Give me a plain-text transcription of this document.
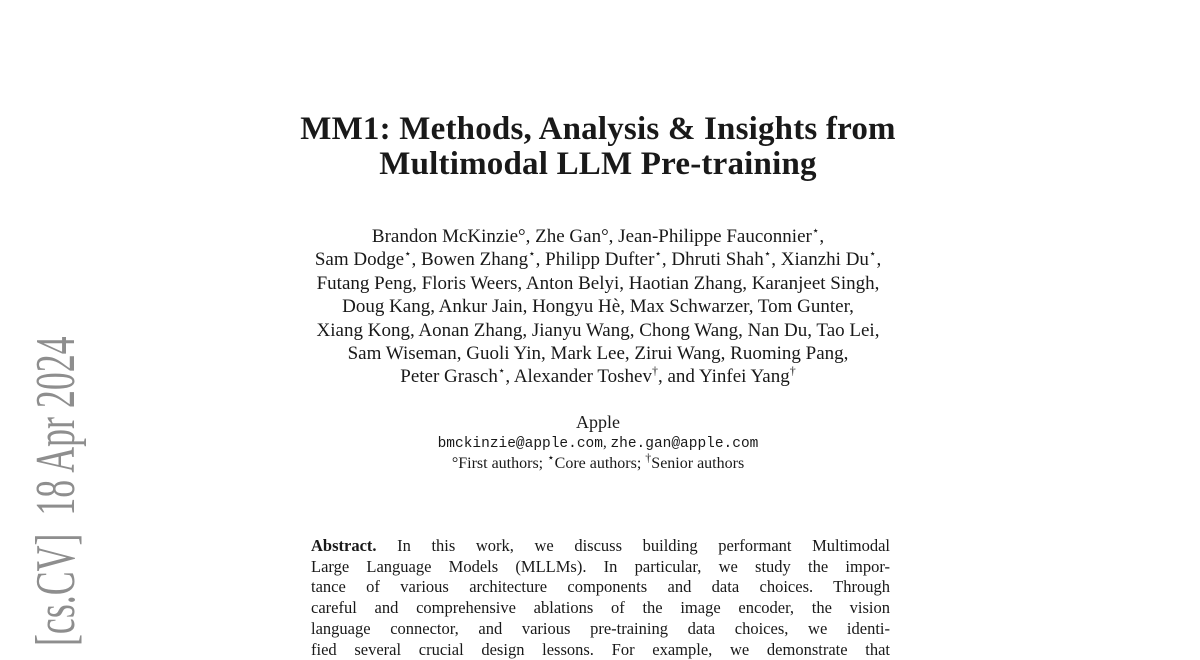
[cs.CV]  18 Apr 2024
MM1: Methods, Analysis & Insights from
Multimodal LLM Pre-training
Brandon McKinzie°, Zhe Gan°, Jean-Philippe Fauconnier⋆,
Sam Dodge⋆, Bowen Zhang⋆, Philipp Dufter⋆, Dhruti Shah⋆, Xianzhi Du⋆,
Futang Peng, Floris Weers, Anton Belyi, Haotian Zhang, Karanjeet Singh,
Doug Kang, Ankur Jain, Hongyu Hè, Max Schwarzer, Tom Gunter,
Xiang Kong, Aonan Zhang, Jianyu Wang, Chong Wang, Nan Du, Tao Lei,
Sam Wiseman, Guoli Yin, Mark Lee, Zirui Wang, Ruoming Pang,
Peter Grasch⋆, Alexander Toshev†, and Yinfei Yang†
Apple
bmckinzie@apple.com, zhe.gan@apple.com
°First authors; ⋆Core authors; †Senior authors
Abstract. In this work, we discuss building performant Multimodal
Large Language Models (MLLMs). In particular, we study the impor-
tance of various architecture components and data choices. Through
careful and comprehensive ablations of the image encoder, the vision
language connector, and various pre-training data choices, we identi-
fied several crucial design lessons. For example, we demonstrate that
